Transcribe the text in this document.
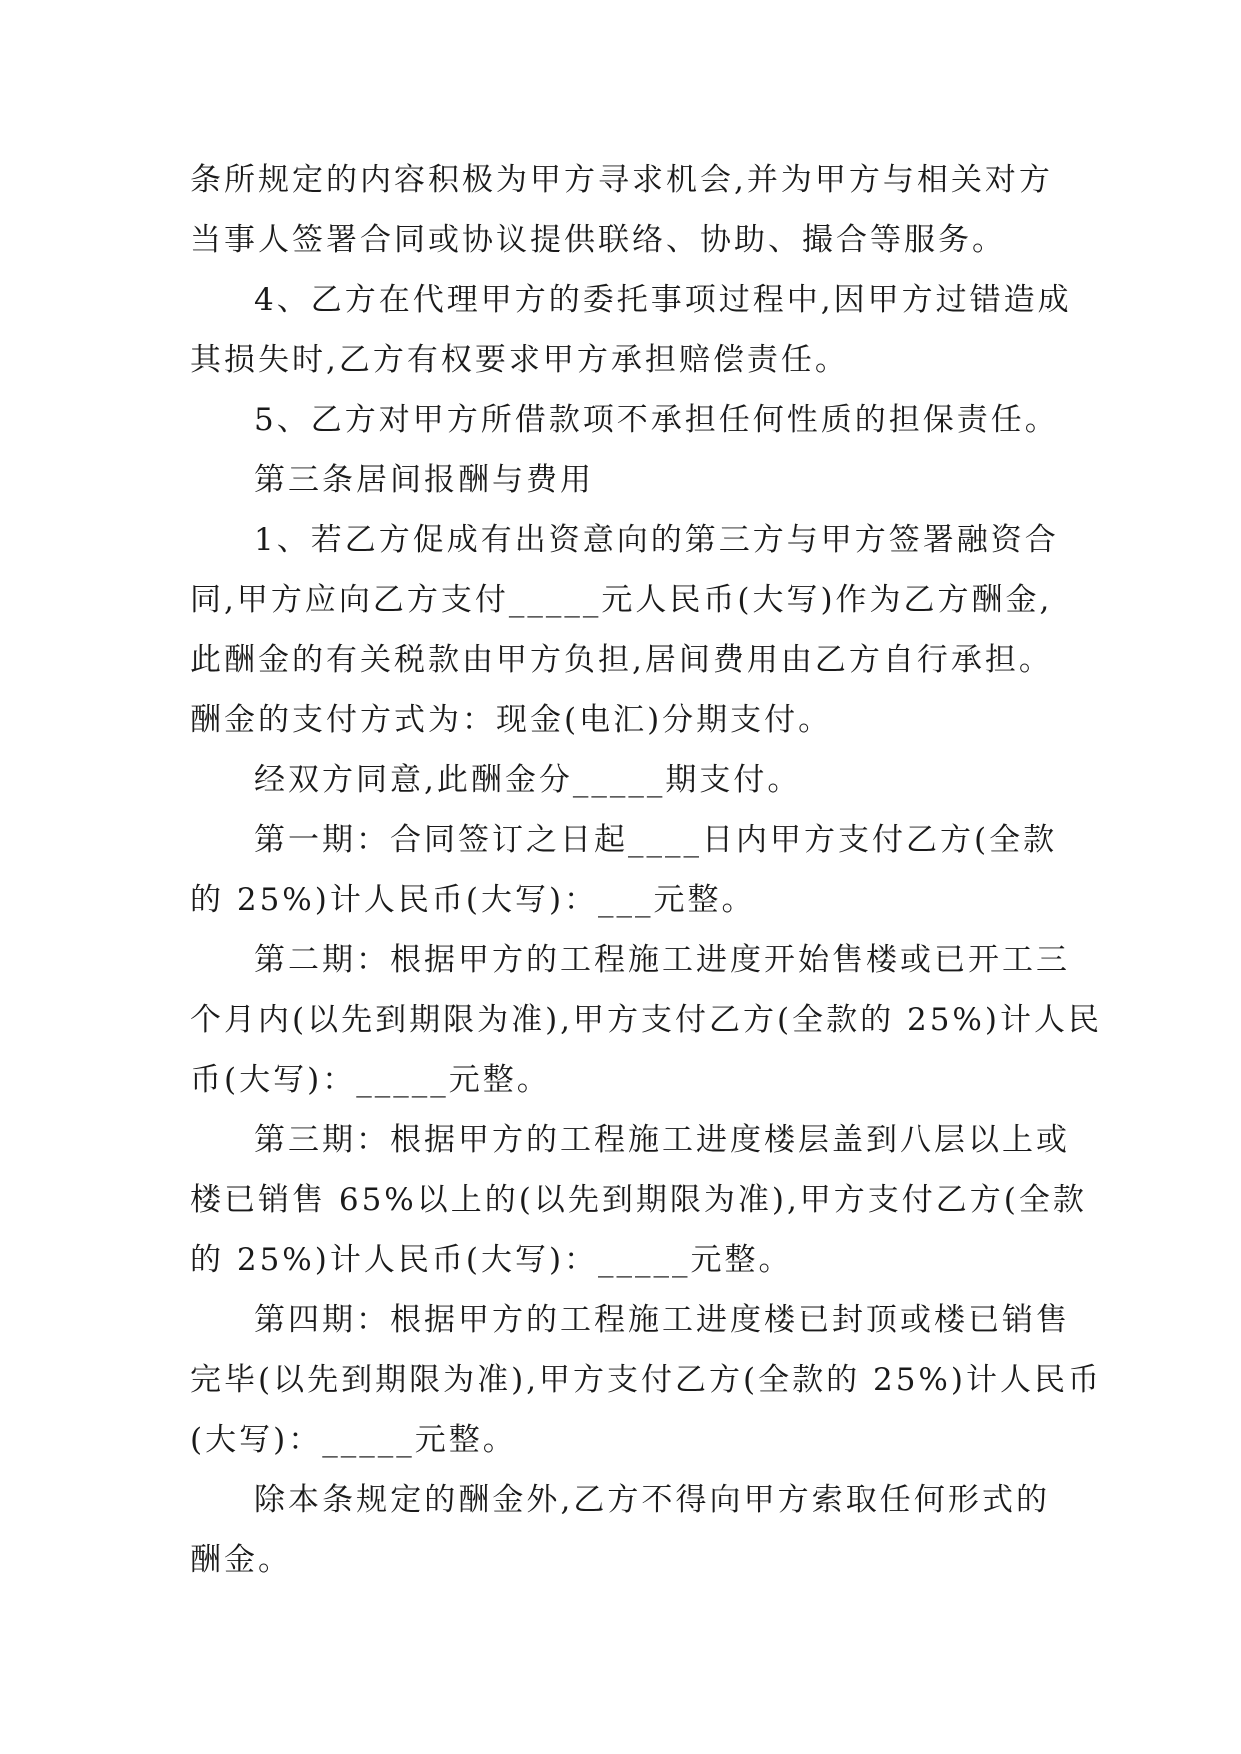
条所规定的内容积极为甲方寻求机会,并为甲方与相关对方
当事人签署合同或协议提供联络、协助、撮合等服务。
4、乙方在代理甲方的委托事项过程中,因甲方过错造成
其损失时,乙方有权要求甲方承担赔偿责任。
5、乙方对甲方所借款项不承担任何性质的担保责任。
第三条居间报酬与费用
1、若乙方促成有出资意向的第三方与甲方签署融资合
同,甲方应向乙方支付_____元人民币(大写)作为乙方酬金,
此酬金的有关税款由甲方负担,居间费用由乙方自行承担。
酬金的支付方式为：现金(电汇)分期支付。
经双方同意,此酬金分_____期支付。
第一期：合同签订之日起____日内甲方支付乙方(全款
的 25%)计人民币(大写)：___元整。
第二期：根据甲方的工程施工进度开始售楼或已开工三
个月内(以先到期限为准),甲方支付乙方(全款的 25%)计人民
币(大写)：_____元整。
第三期：根据甲方的工程施工进度楼层盖到八层以上或
楼已销售 65%以上的(以先到期限为准),甲方支付乙方(全款
的 25%)计人民币(大写)：_____元整。
第四期：根据甲方的工程施工进度楼已封顶或楼已销售
完毕(以先到期限为准),甲方支付乙方(全款的 25%)计人民币
(大写)：_____元整。
除本条规定的酬金外,乙方不得向甲方索取任何形式的
酬金。
